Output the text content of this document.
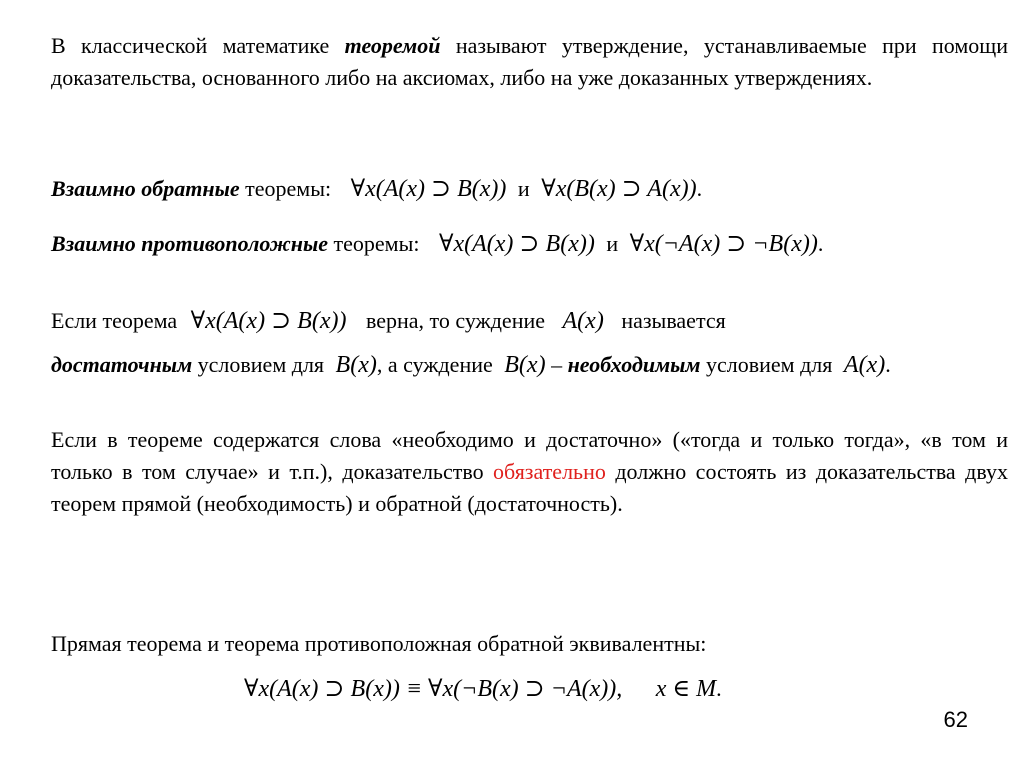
В классической математике теоремой называют утверждение, устанавливаемые при помощи доказательства, основанного либо на аксиомах, либо на уже доказанных утверждениях.
Взаимно обратные теоремы: ∀x(A(x) ⊃ B(x)) и ∀x(B(x) ⊃ A(x)).
Взаимно противоположные теоремы: ∀x(A(x) ⊃ B(x)) и ∀x(¬A(x) ⊃ ¬B(x)).
Если теорема ∀x(A(x) ⊃ B(x)) верна, то суждение A(x) называется
достаточным условием для B(x), а суждение B(x) – необходимым условием для A(x).
Если в теореме содержатся слова «необходимо и достаточно» («тогда и только тогда», «в том и только в том случае» и т.п.), доказательство обязательно должно состоять из доказательства двух теорем прямой (необходимость) и обратной (достаточность).
Прямая теорема и теорема противоположная обратной эквивалентны:
∀x(A(x) ⊃ B(x)) ≡ ∀x(¬B(x) ⊃ ¬A(x)), x ∈ M.
62
